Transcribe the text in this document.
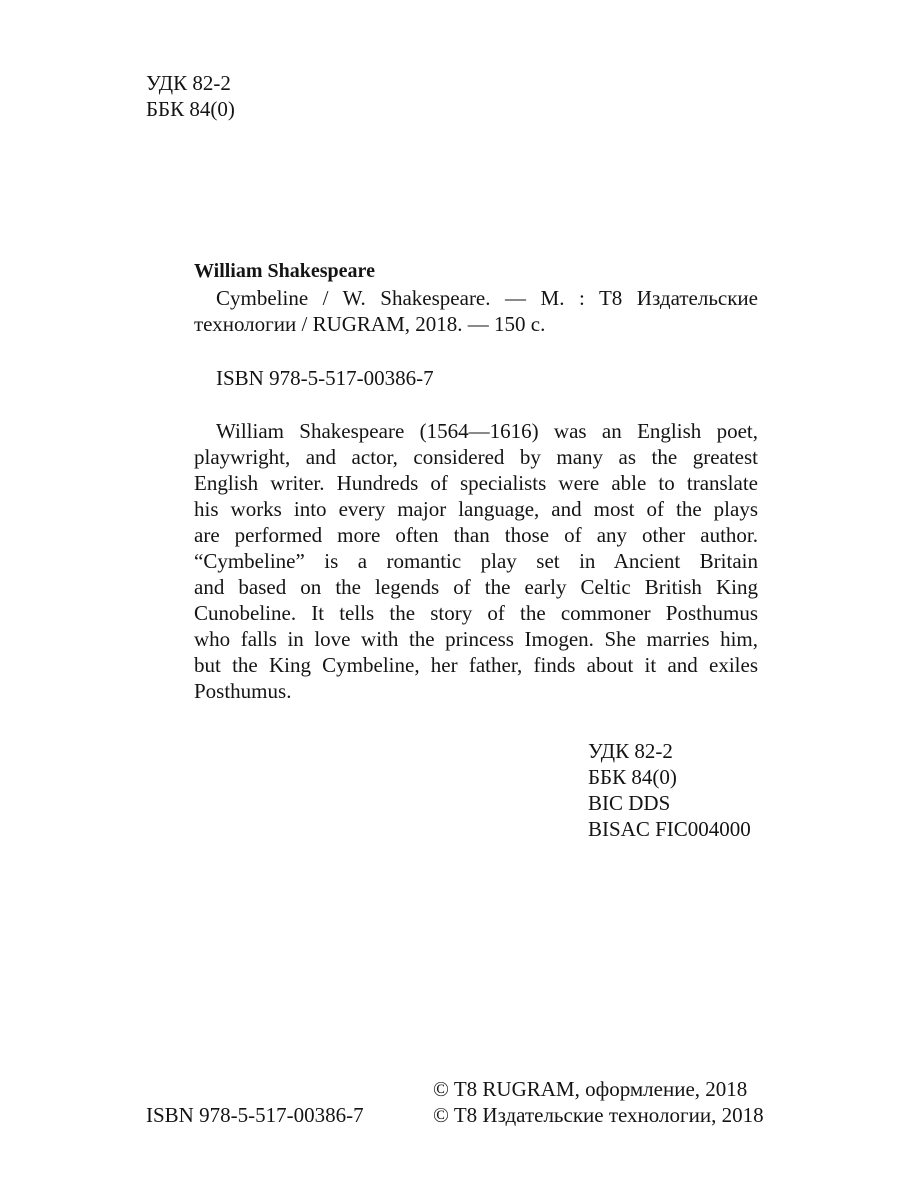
УДК 82-2
ББК 84(0)
William Shakespeare
Cymbeline / W. Shakespeare. — M. : T8 Издательские
технологии / RUGRAM, 2018. — 150 с.
ISBN 978-5-517-00386-7
William Shakespeare (1564—1616) was an English poet,
playwright, and actor, considered by many as the greatest
English writer. Hundreds of specialists were able to translate
his works into every major language, and most of the plays
are performed more often than those of any other author.
“Cymbeline” is a romantic play set in Ancient Britain
and based on the legends of the early Celtic British King
Cunobeline. It tells the story of the commoner Posthumus
who falls in love with the princess Imogen. She marries him,
but the King Cymbeline, her father, finds about it and exiles
Posthumus.
УДК 82-2
ББК 84(0)
BIC DDS
BISAC FIC004000
ISBN 978-5-517-00386-7
© T8 RUGRAM, оформление, 2018
© T8 Издательские технологии, 2018
